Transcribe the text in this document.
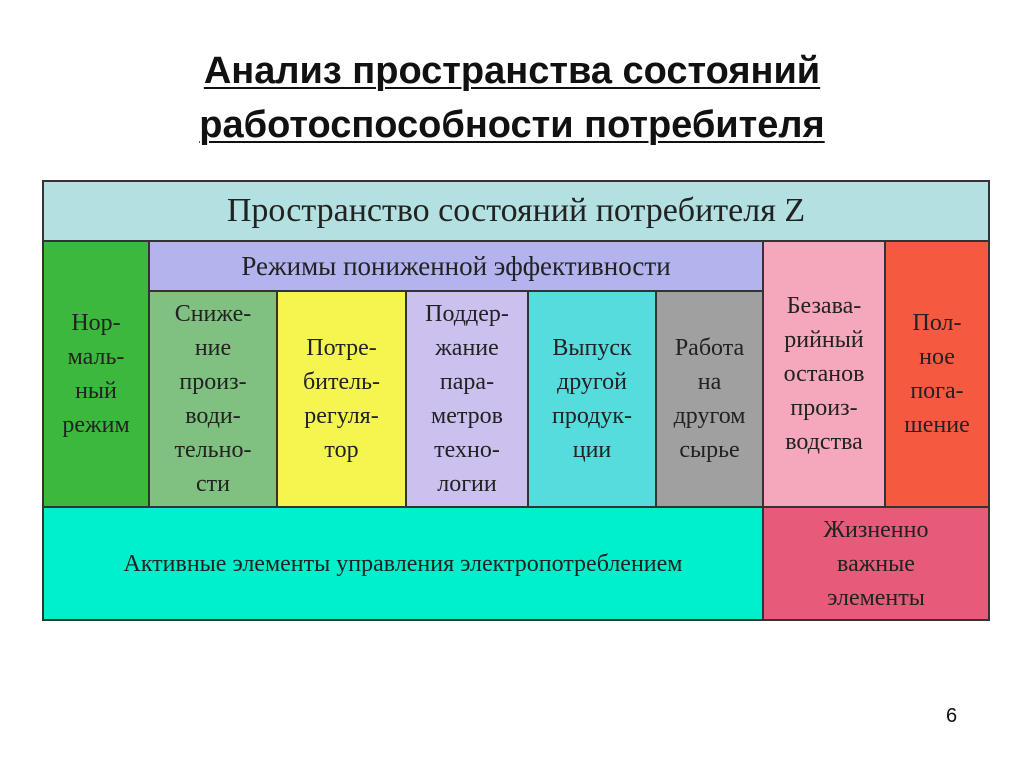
Анализ пространства состояний
работоспособности потребителя
Пространство состояний потребителя Z
Нор-
маль-
ный
режим
Режимы пониженной эффективности
Сниже-
ние
произ-
води-
тельно-
сти
Потре-
битель-
регуля-
тор
Поддер-
жание
пара-
метров
техно-
логии
Выпуск
другой
продук-
ции
Работа
на
другом
сырье
Безава-
рийный
останов
произ-
водства
Пол-
ное
пога-
шение
Активные элементы управления электропотреблением
Жизненно
важные
элементы
6
